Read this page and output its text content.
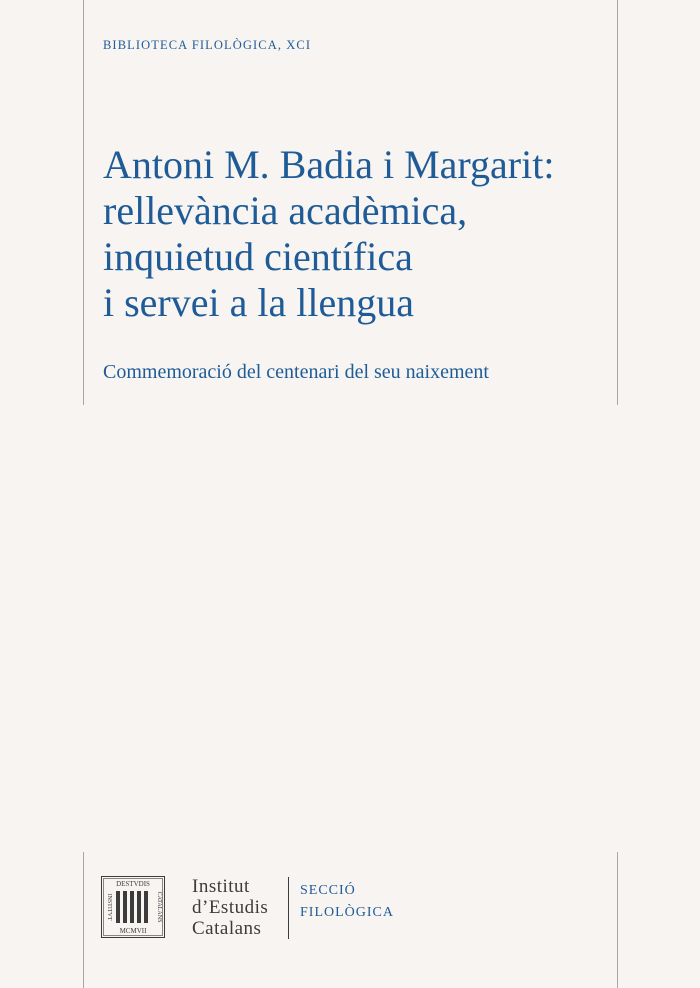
BIBLIOTECA FILOLÒGICA, XCI
Antoni M. Badia i Margarit:
rellevància acadèmica,
inquietud científica
i servei a la llengua
Commemoració del centenari del seu naixement
DESTVDIS
MCMVII
CATALANS
INSTITVT
Institut
d’Estudis
Catalans
SECCIÓ
FILOLÒGICA
